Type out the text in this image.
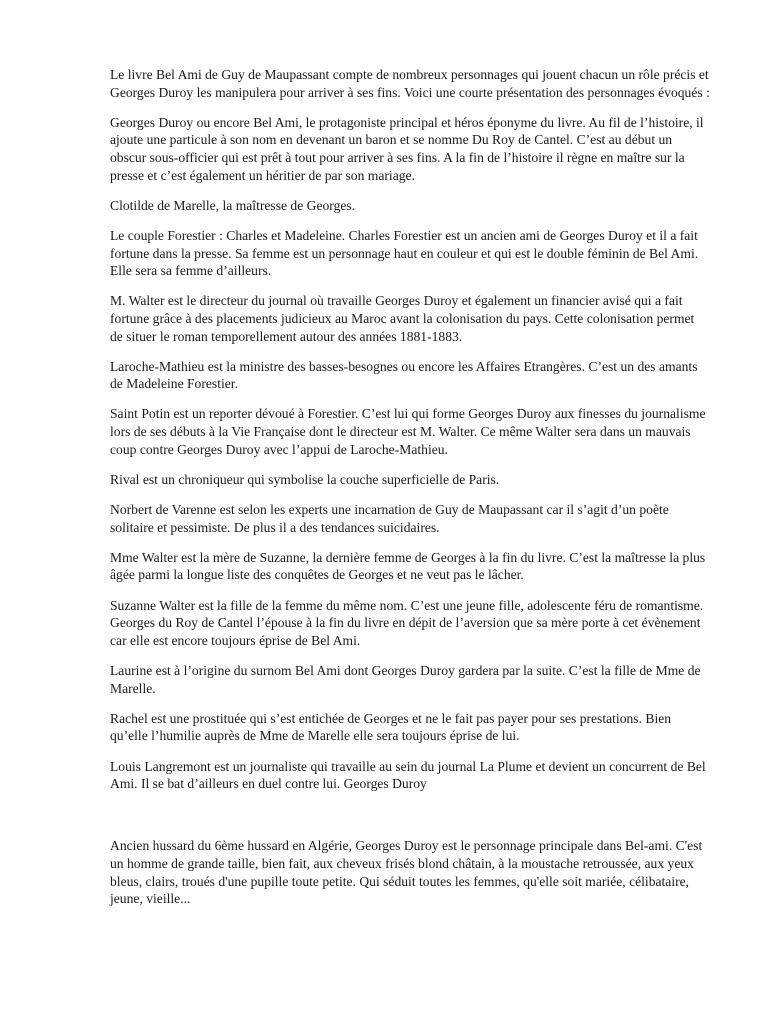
Le livre Bel Ami de Guy de Maupassant compte de nombreux personnages qui jouent chacun un rôle précis et Georges Duroy les manipulera pour arriver à ses fins. Voici une courte présentation des personnages évoqués :

Georges Duroy ou encore Bel Ami, le protagoniste principal et héros éponyme du livre. Au fil de l’histoire, il ajoute une particule à son nom en devenant un baron et se nomme Du Roy de Cantel. C’est au début un obscur sous-officier qui est prêt à tout pour arriver à ses fins. A la fin de l’histoire il règne en maître sur la presse et c’est également un héritier de par son mariage.

Clotilde de Marelle, la maîtresse de Georges.

Le couple Forestier : Charles et Madeleine. Charles Forestier est un ancien ami de Georges Duroy et il a fait fortune dans la presse. Sa femme est un personnage haut en couleur et qui est le double féminin de Bel Ami. Elle sera sa femme d’ailleurs.

M. Walter est le directeur du journal où travaille Georges Duroy et également un financier avisé qui a fait fortune grâce à des placements judicieux au Maroc avant la colonisation du pays. Cette colonisation permet de situer le roman temporellement autour des années 1881-1883.

Laroche-Mathieu est la ministre des basses-besognes ou encore les Affaires Etrangères. C’est un des amants de Madeleine Forestier.

Saint Potin est un reporter dévoué à Forestier. C’est lui qui forme Georges Duroy aux finesses du journalisme lors de ses débuts à la Vie Française dont le directeur est M. Walter. Ce même Walter sera dans un mauvais coup contre Georges Duroy avec l’appui de Laroche-Mathieu.

Rival est un chroniqueur qui symbolise la couche superficielle de Paris.

Norbert de Varenne est selon les experts une incarnation de Guy de Maupassant car il s’agit d’un poète solitaire et pessimiste. De plus il a des tendances suicidaires.

Mme Walter est la mère de Suzanne, la dernière femme de Georges à la fin du livre. C’est la maîtresse la plus âgée parmi la longue liste des conquêtes de Georges et ne veut pas le lâcher.

Suzanne Walter est la fille de la femme du même nom. C’est une jeune fille, adolescente féru de romantisme. Georges du Roy de Cantel l’épouse à la fin du livre en dépit de l’aversion que sa mère porte à cet évènement car elle est encore toujours éprise de Bel Ami.

Laurine est à l’origine du surnom Bel Ami dont Georges Duroy gardera par la suite. C’est la fille de Mme de Marelle.

Rachel est une prostituée qui s’est entichée de Georges et ne le fait pas payer pour ses prestations. Bien qu’elle l’humilie auprès de Mme de Marelle elle sera toujours éprise de lui.

Louis Langremont est un journaliste qui travaille au sein du journal La Plume et devient un concurrent de Bel Ami. Il se bat d’ailleurs en duel contre lui. Georges Duroy

Ancien hussard du 6ème hussard en Algérie, Georges Duroy est le personnage principale dans Bel-ami. C'est un homme de grande taille, bien fait, aux cheveux frisés blond châtain, à la moustache retroussée, aux yeux bleus, clairs, troués d'une pupille toute petite. Qui séduit toutes les femmes, qu'elle soit mariée, célibataire, jeune, vieille...
